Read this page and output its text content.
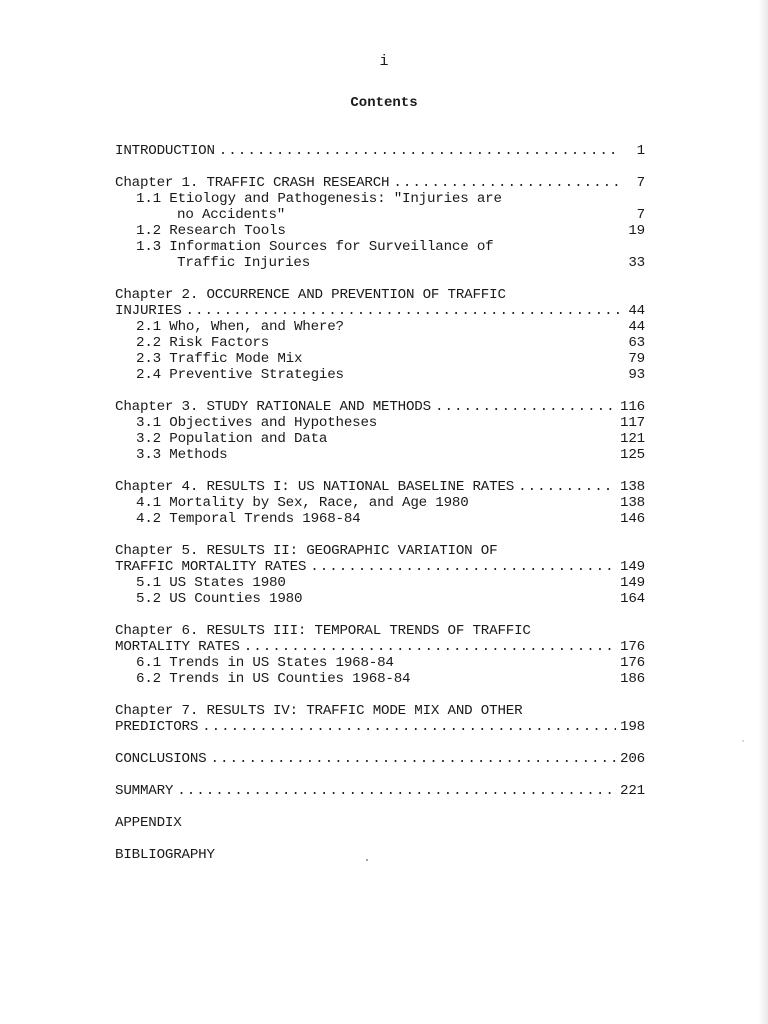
i
Contents
INTRODUCTION .....	1
Chapter 1. TRAFFIC CRASH RESEARCH .....	7
1.1 Etiology and Pathogenesis: "Injuries are
no Accidents"	7
1.2 Research Tools	19
1.3 Information Sources for Surveillance of
Traffic Injuries	33
Chapter 2. OCCURRENCE AND PREVENTION OF TRAFFIC
INJURIES .....	44
2.1 Who, When, and Where?	44
2.2 Risk Factors	63
2.3 Traffic Mode Mix	79
2.4 Preventive Strategies	93
Chapter 3. STUDY RATIONALE AND METHODS .....	116
3.1 Objectives and Hypotheses	117
3.2 Population and Data	121
3.3 Methods	125
Chapter 4. RESULTS I: US NATIONAL BASELINE RATES .....	138
4.1 Mortality by Sex, Race, and Age 1980	138
4.2 Temporal Trends 1968-84	146
Chapter 5. RESULTS II: GEOGRAPHIC VARIATION OF
TRAFFIC MORTALITY RATES .....	149
5.1 US States 1980	149
5.2 US Counties 1980	164
Chapter 6. RESULTS III: TEMPORAL TRENDS OF TRAFFIC
MORTALITY RATES .....	176
6.1 Trends in US States 1968-84	176
6.2 Trends in US Counties 1968-84	186
Chapter 7. RESULTS IV: TRAFFIC MODE MIX AND OTHER
PREDICTORS .....	198
CONCLUSIONS .....	206
SUMMARY .....	221
APPENDIX
BIBLIOGRAPHY
